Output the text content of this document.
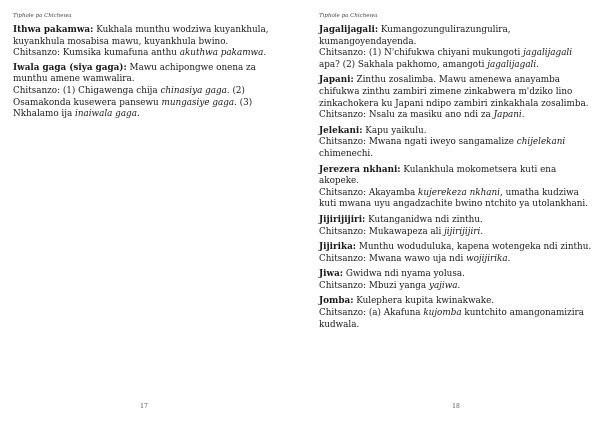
Tiphole pa Chichewa

Ithwa pakamwa: Kukhala munthu wodziwa kuyankhula, kuyankhula mosabisa mawu, kuyankhula bwino.

Chitsanzo: Kumsika kumafuna anthu akuthwa pakamwa.

Iwala gaga (siya gaga): Mawu achipongwe onena za munthu amene wamwalira.

Chitsanzo: (1) Chigawenga chija chinasiya gaga. (2) Osamakonda kusewera pansewu mungasiye gaga. (3) Nkhalamo ija inaiwala gaga.

17
Tiphole pa Chichewa

Jagalijagali: Kumangozungulirazungulira, kumangoyendayenda.

Chitsanzo: (1) N'chifukwa chiyani mukungoti jagalijagali apa? (2) Sakhala pakhomo, amangoti jagalijagali.

Japani: Zinthu zosalimba. Mawu amenewa anayamba chifukwa zinthu zambiri zimene zinkabwera m'dziko lino zinkachokera ku Japani ndipo zambiri zinkakhala zosalimba.

Chitsanzo: Nsalu za masiku ano ndi za Japani.

Jelekani: Kapu yaikulu.

Chitsanzo: Mwana ngati iweyo sangamalize chijelekani chimenechi.

Jerezera nkhani: Kulankhula mokometsera kuti ena akopeke.

Chitsanzo: Akayamba kujerekeza nkhani, umatha kudziwa kuti mwana uyu angadzachite bwino ntchito ya utolankhani.

Jijirijijiri: Kutanganidwa ndi zinthu.

Chitsanzo: Mukawapeza ali jijirijijiri.

Jijirika: Munthu woduduluka, kapena wotengeka ndi zinthu.

Chitsanzo: Mwana wawo uja ndi wojijirika.

Jiwa: Gwidwa ndi nyama yolusa.

Chitsanzo: Mbuzi yanga yajiwa.

Jomba: Kulephera kupita kwinakwake.

Chitsanzo: (a) Akafuna kujomba kuntchito amangonamizira kudwala.

18
